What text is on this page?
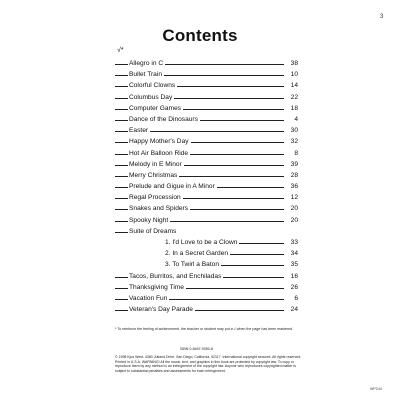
3
Contents
√*
Allegro in C	38
Bullet Train	10
Colorful Clowns	14
Columbus Day	22
Computer Games	18
Dance of the Dinosaurs	4
Easter	30
Happy Mother's Day	32
Hot Air Balloon Ride	8
Melody in E Minor	39
Merry Christmas	28
Prelude and Gigue in A Minor	36
Regal Procession	12
Snakes and Spiders	20
Spooky Night	20
Suite of Dreams
1. I'd Love to be a Clown	33
2. In a Secret Garden	34
3. To Twirl a Baton	35
Tacos, Burritos, and Enchiladas	16
Thanksgiving Time	26
Vacation Fun	6
Veteran's Day Parade	24
* To reinforce the feeling of achievement, the teacher or student may put a √ when the page has been mastered.
ISBN 0-8497-9350-8
© 1998 Kjos West, 4380 Jutland Drive, San Diego, California, 92117. International copyright secured. All rights reserved. Printed in U.S.A. WARNING! All the music, text, and graphics in this book are protected by copyright law. To copy or reproduce them by any method is an infringement of the copyright law. Anyone who reproduces copyrighted matter is subject to substantial penalties and assessments for each infringement.
WP244
